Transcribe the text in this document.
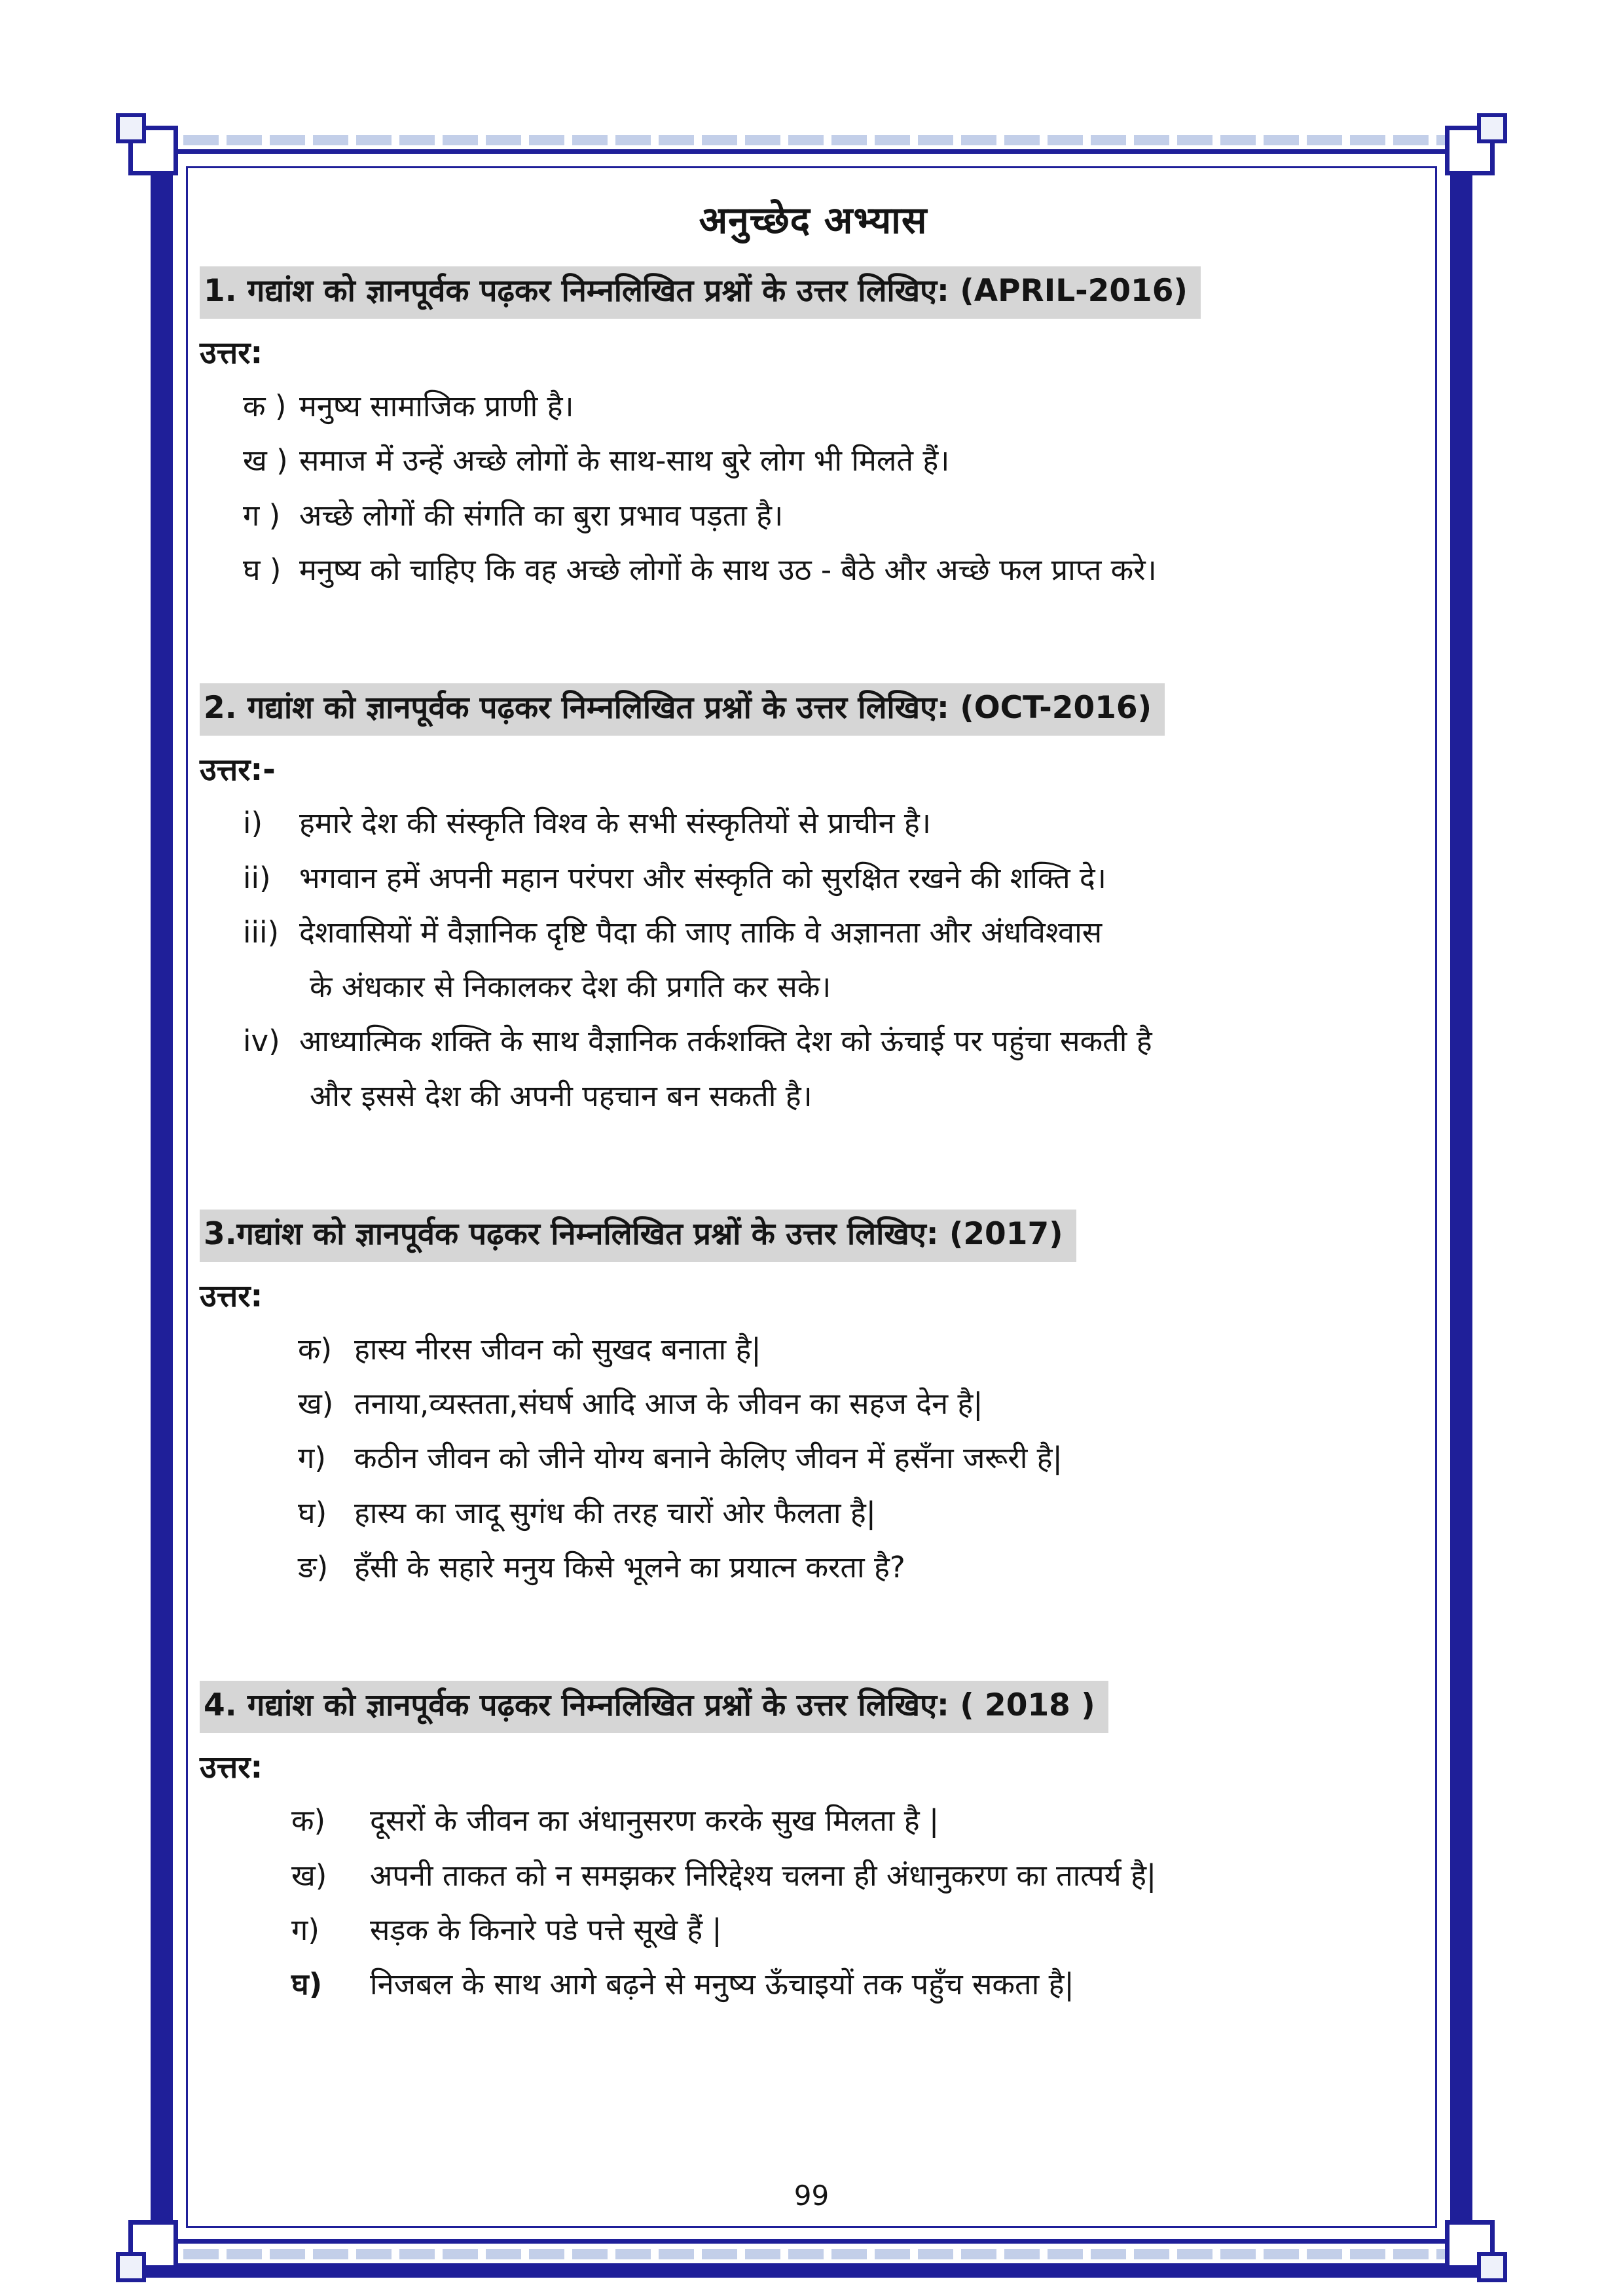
अनुच्छेद अभ्यास
1. गद्यांश को ज्ञानपूर्वक पढ़कर निम्नलिखित प्रश्नों के उत्तर लिखिए: (APRIL-2016)
उत्तर:
क ) मनुष्य सामाजिक प्राणी है।
ख ) समाज में उन्हें अच्छे लोगों के साथ-साथ बुरे लोग भी मिलते हैं।
ग ) अच्छे लोगों की संगति का बुरा प्रभाव पड़ता है।
घ ) मनुष्य को चाहिए कि वह अच्छे लोगों के साथ उठ - बैठे और अच्छे फल प्राप्त करे।
2. गद्यांश को ज्ञानपूर्वक पढ़कर निम्नलिखित प्रश्नों के उत्तर लिखिए: (OCT-2016)
उत्तर:-
i)	हमारे देश की संस्कृति विश्व के सभी संस्कृतियों से प्राचीन है।
ii) भगवान हमें अपनी महान परंपरा और संस्कृति को सुरक्षित रखने की शक्ति दे।
iii) देशवासियों में वैज्ञानिक दृष्टि पैदा की जाए ताकि वे अज्ञानता और अंधविश्वास
के अंधकार से निकालकर देश की प्रगति कर सके।
iv) आध्यात्मिक शक्ति के साथ वैज्ञानिक तर्कशक्ति देश को ऊंचाई पर पहुंचा सकती है
और इससे देश की अपनी पहचान बन सकती है।
3.गद्यांश को ज्ञानपूर्वक पढ़कर निम्नलिखित प्रश्नों के उत्तर लिखिए: (2017)
उत्तर:
क) हास्य नीरस जीवन को सुखद बनाता है|
ख) तनाया,व्यस्तता,संघर्ष आदि आज के जीवन का सहज देन है|
ग) कठीन जीवन को जीने योग्य बनाने केलिए जीवन में हसँना जरूरी है|
घ) हास्य का जादू सुगंध की तरह चारों ओर फैलता है|
ङ) हँसी के सहारे मनुय किसे भूलने का प्रयात्न करता है?
4. गद्यांश को ज्ञानपूर्वक पढ़कर निम्नलिखित प्रश्नों के उत्तर लिखिए: ( 2018 )
उत्तर:
क)	दूसरों के जीवन का अंधानुसरण करके सुख मिलता है |
ख)	अपनी ताकत को न समझकर निरिद्देश्य चलना ही अंधानुकरण का तात्पर्य है|
ग)	सड़क के किनारे पडे पत्ते सूखे हैं |
घ)	निजबल के साथ आगे बढ़ने से मनुष्य ऊँचाइयों तक पहुँच सकता है|
99
